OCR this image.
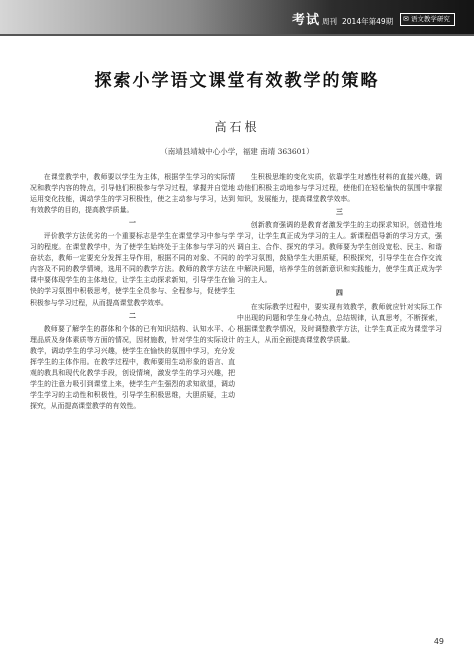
考试 周刊 2014年第49期	✉ 语文教学研究
探索小学语文课堂有效教学的策略
高石根
（南靖县靖城中心小学，福建 南靖 363601）

在课堂教学中，教师要以学生为主体，根据学生学习的实际情况和教学内容的特点，引导他们积极参与学习过程，掌握并自觉地运用变化技能，调动学生的学习积极性，使之主动参与学习，达到有效教学的目的，提高教学质量。

一

评价教学方法优劣的一个重要标志是学生在课堂学习中参与学习的程度。在课堂教学中，为了使学生始终处于主体参与学习的兴奋状态，教师一定要充分发挥主导作用，根据不同的对象、不同的内容及不同的教学情境，选用不同的教学方法。教师的教学方法在课中要体现学生的主体地位，让学生主动探求新知，引导学生在愉快的学习氛围中积极思考，使学生全员参与、全程参与，促使学生积极参与学习过程，从而提高课堂教学效率。

二

教师要了解学生的群体和个体的已有知识结构、认知水平、心理品质及身体素质等方面的情况，因材施教，针对学生的实际设计教学，调动学生的学习兴趣，使学生在愉快的氛围中学习，充分发挥学生的主体作用。在教学过程中，教师要用生动形象的语言、直观的教具和现代化教学手段，创设情境，激发学生的学习兴趣，把学生的注意力吸引到课堂上来，使学生产生强烈的求知欲望，调动学生学习的主动性和积极性，引导学生积极思维，大胆质疑，主动探究，从而提高课堂教学的有效性。

生积极思维的变化实质，依靠学生对感性材料的直接兴趣，调动他们积极主动地参与学习过程，使他们在轻松愉快的氛围中掌握知识，发展能力，提高课堂教学效率。

三

创新教育强调的是教育者激发学生的主动探求知识，创造性地学习，让学生真正成为学习的主人。新课程倡导新的学习方式，强调自主、合作、探究的学习。教师要为学生创设宽松、民主、和谐的学习氛围，鼓励学生大胆质疑，积极探究，引导学生在合作交流中解决问题，培养学生的创新意识和实践能力，使学生真正成为学习的主人。

四

在实际教学过程中，要实现有效教学，教师就应针对实际工作中出现的问题和学生身心特点，总结规律，认真思考，不断探索，根据课堂教学情况，及时调整教学方法，让学生真正成为课堂学习的主人，从而全面提高课堂教学质量。

49
